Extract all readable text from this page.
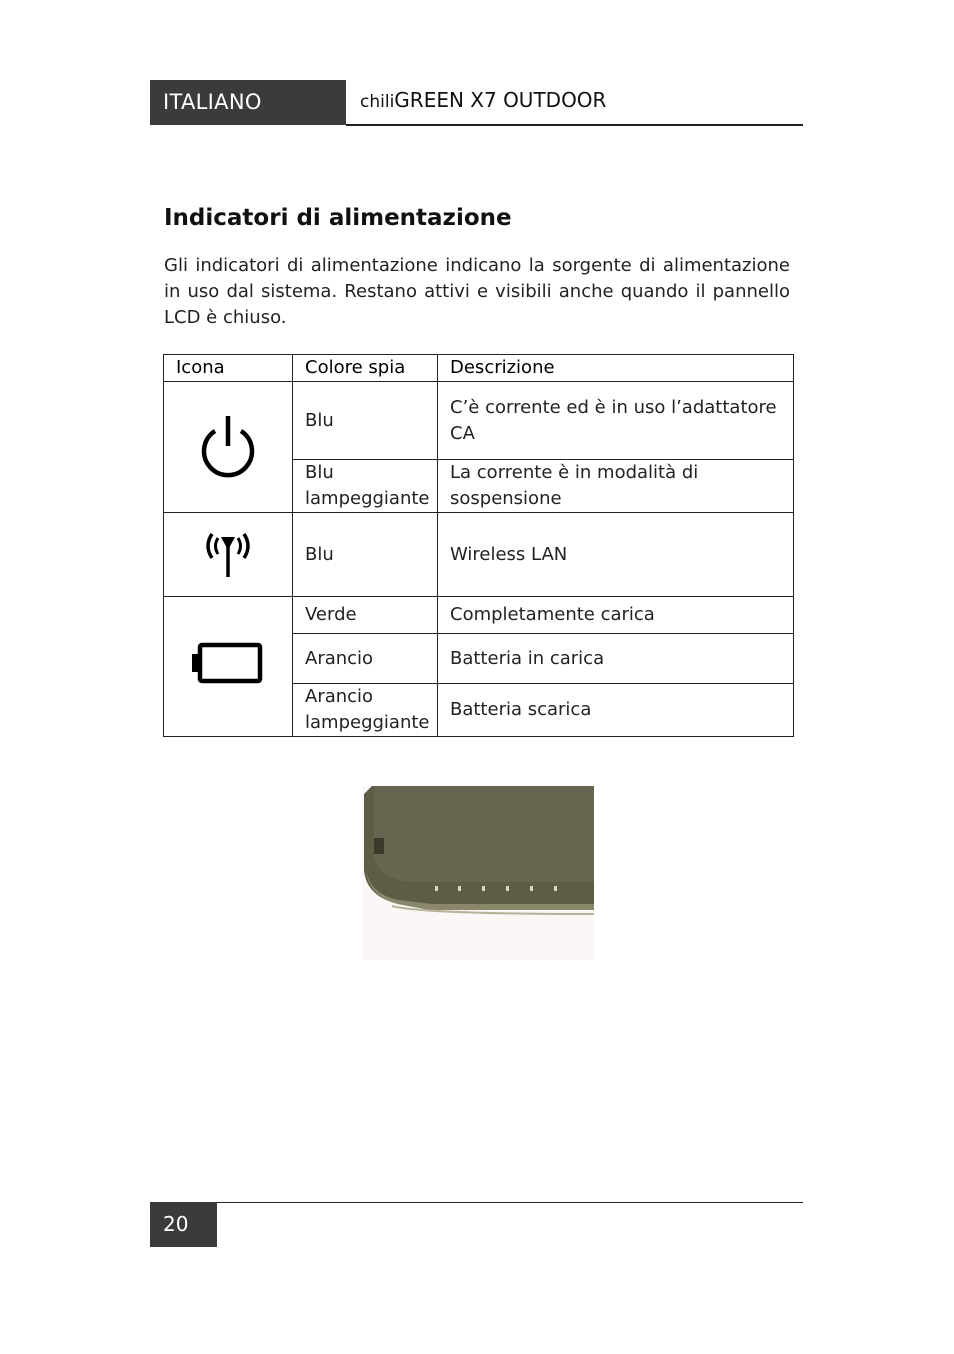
ITALIANO	chiliGREEN X7 OUTDOOR
Indicatori di alimentazione

Gli indicatori di alimentazione indicano la sorgente di alimentazione in uso dal sistema. Restano attivi e visibili anche quando il pannello LCD è chiuso.

Icona	Colore spia	Descrizione
	Blu	C’è corrente ed è in uso l’adattatore CA
	Blu lampeggiante	La corrente è in modalità di sospensione
	Blu	Wireless LAN
	Verde	Completamente carica
	Arancio	Batteria in carica
	Arancio lampeggiante	Batteria scarica
20
